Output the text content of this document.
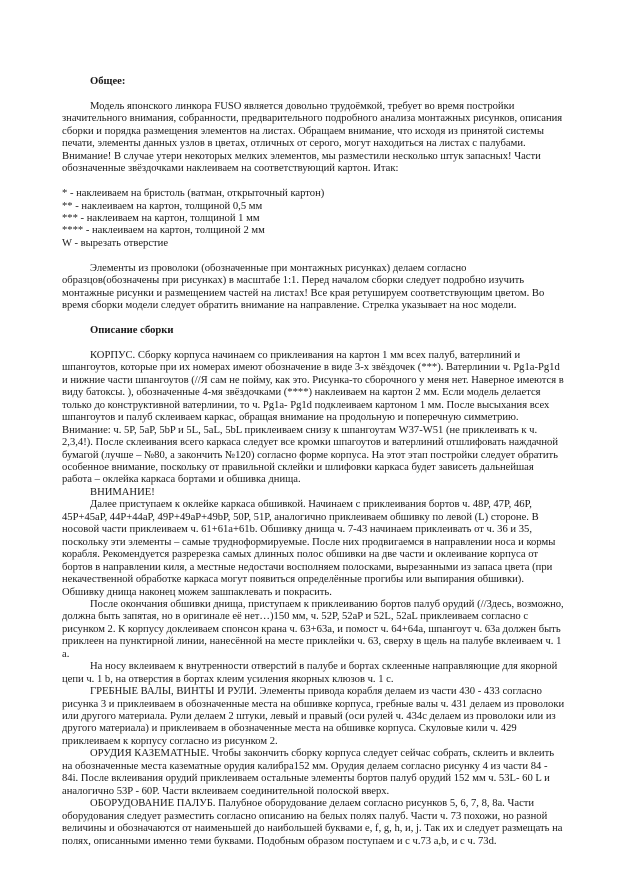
Общее:

Модель японского линкора FUSO является довольно трудоёмкой, требует во время постройки значительного внимания, собранности, предварительного подробного анализа монтажных рисунков, описания сборки и порядка размещения элементов на листах. Обращаем внимание, что исходя из принятой системы печати, элементы данных узлов в цветах, отличных от серого, могут находиться на листах с палубами. Внимание! В случае утери некоторых мелких элементов, мы разместили несколько штук запасных! Части обозначенные звёздочками наклеиваем на соответствующий картон. Итак:

* - наклеиваем на бристоль (ватман, открыточный картон)

** - наклеиваем на картон, толщиной 0,5 мм

*** - наклеиваем на картон, толщиной 1 мм

**** - наклеиваем на картон, толщиной 2 мм

W - вырезать отверстие

Элементы из проволоки (обозначенные при монтажных рисунках) делаем согласно образцов(обозначены при рисунках) в масштабе 1:1. Перед началом сборки следует подробно изучить монтажные рисунки и размещением частей на листах! Все края ретушируем соответствующим цветом. Во время сборки модели следует обратить внимание на направление. Стрелка указывает на нос модели.

Описание сборки

КОРПУС. Сборку корпуса начинаем со приклеивания на картон 1 мм всех палуб, ватерлиний и шпангоутов, которые при их номерах имеют обозначение в виде 3-х звёздочек (***). Ватерлинии ч. Pg1a-Pg1d и нижние части шпангоутов (//Я сам не пойму, как это. Рисунка-то сборочного у меня нет. Наверное имеются в виду батоксы. ), обозначенные 4-мя звёздочками (****) наклеиваем на картон 2 мм. Если модель делается только до конструктивной ватерлинии, то ч. Pg1a- Pg1d подклеиваем картоном 1 мм. После высыхания всех шпангоутов и палуб склеиваем каркас, обращая внимание на продольную и поперечную симметрию. Внимание: ч. 5P, 5aP, 5bP и 5L, 5aL, 5bL приклеиваем снизу к шпангоутам W37-W51 (не приклеивать к ч. 2,3,4!). После склеивания всего каркаса следует все кромки шпагоутов и ватерлиний отшлифовать наждачной бумагой (лучше – №80, а закончить №120) согласно форме корпуса. На этот этап постройки следует обратить особенное внимание, поскольку от правильной склейки и шлифовки каркаса будет зависеть дальнейшая работа – оклейка каркаса бортами и обшивка днища.

ВНИМАНИЕ!

Далее приступаем к оклейке каркаса обшивкой. Начинаем с приклеивания бортов ч. 48P, 47P, 46P, 45P+45aP, 44P+44aP, 49P+49aP+49bP, 50P, 51P, аналогично приклеиваем обшивку по левой (L) стороне. В носовой части приклеиваем ч. 61+61a+61b. Обшивку днища ч. 7-43 начинаем приклеивать от ч. 36 и 35, поскольку эти элементы – самые трудноформируемые. После них продвигаемся в направлении носа и кормы корабля. Рекомендуется разререзка самых длинных полос обшивки на две части и оклеивание корпуса от бортов в направлении киля, а местные недостачи восполняем полосками, вырезанными из запаса цвета (при некачественной обработке каркаса могут появиться определённые прогибы или выпирания обшивки). Обшивку днища наконец можем зашпаклевать и покрасить.

После окончания обшивки днища, приступаем к приклеиванию бортов палуб орудий (//Здесь, возможно, должна быть запятая, но в оригинале её нет…)150 мм, ч. 52P, 52aP и 52L, 52aL приклеиваем согласно с рисунком 2. К корпусу доклеиваем спонсон крана ч. 63+63a, и помост ч. 64+64a, шпангоут ч. 63a должен быть приклеен на пунктирной линии, нанесённой на месте приклейки ч. 63, сверху в щель на палубе вклеиваем ч. 1 a.

На носу вклеиваем к внутренности отверстий в палубе и бортах склеенные направляющие для якорной цепи ч. 1 b, на отверстия в бортах клеим усиления якорных клюзов ч. 1 c.

ГРЕБНЫЕ ВАЛЫ, ВИНТЫ И РУЛИ. Элементы привода корабля делаем из части 430 - 433 согласно рисунка 3 и приклеиваем в обозначенные места на обшивке корпуса, гребные валы ч. 431 делаем из проволоки или другого материала. Рули делаем 2 штуки, левый и правый (оси рулей ч. 434c делаем из проволоки или из другого материала) и приклеиваем в обозначенные места на обшивке корпуса. Скуловые кили ч. 429 приклеиваем к корпусу согласно из рисунком 2.

ОРУДИЯ КАЗЕМАТНЫЕ. Чтобы закончить сборку корпуса следует сейчас собрать, склеить и вклеить на обозначенные места казематные орудия калибра152 мм. Орудия делаем согласно рисунку 4 из части 84 - 84i. После вклеивания орудий приклеиваем остальные элементы бортов палуб орудий 152 мм ч. 53L- 60 L и аналогично 53P - 60P. Части вклеиваем соединительной полоской вверх.

ОБОРУДОВАНИЕ ПАЛУБ. Палубное оборудование делаем согласно рисунков 5, 6, 7, 8, 8a. Части оборудования следует разместить согласно описанию на белых полях палуб. Части ч. 73 похожи, но разной величины и обозначаются от наименьшей до наибольшей буквами e, f, g, h, и, j. Так их и следует размещать на полях, описанными именно теми буквами. Подобным образом поступаем и с ч.73 a,b, и с ч. 73d.
